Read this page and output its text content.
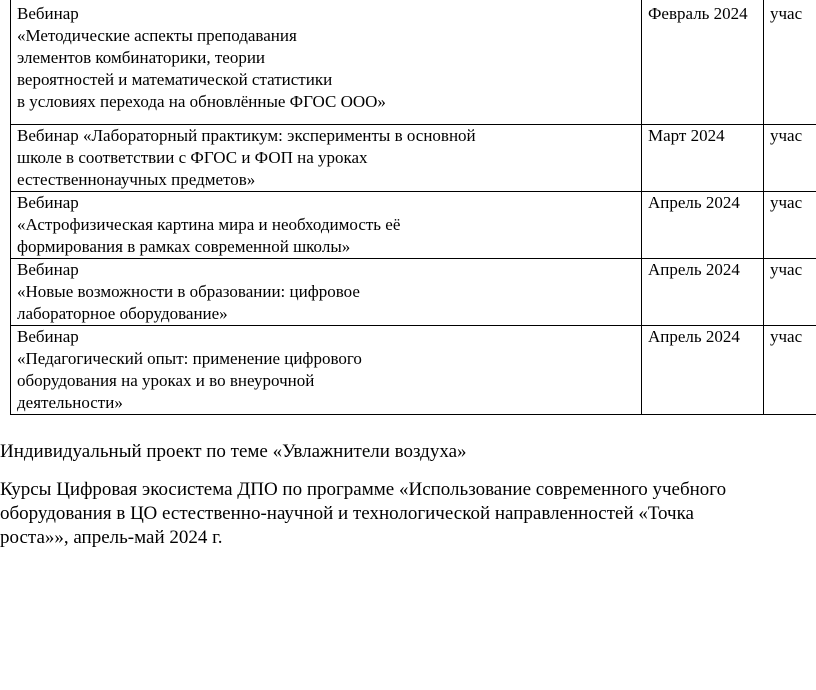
Вебинар
«Методические аспекты преподавания
элементов комбинаторики, теории
вероятностей и математической статистики
в условиях перехода на обновлённые ФГОС ООО»	Февраль 2024	учас

Вебинар «Лабораторный практикум: эксперименты в основной
школе в соответствии с ФГОС и ФОП на уроках
естественнонаучных предметов»	Март 2024	учас

Вебинар
«Астрофизическая картина мира и необходимость её
формирования в рамках современной школы»	Апрель 2024	учас

Вебинар
«Новые возможности в образовании: цифровое
лабораторное оборудование»	Апрель 2024	учас

Вебинар
«Педагогический опыт: применение цифрового
оборудования на уроках и во внеурочной
деятельности»	Апрель 2024	учас

Индивидуальный проект по теме «Увлажнители воздуха»

Курсы Цифровая экосистема ДПО по программе «Использование современного учебного
оборудования в ЦО естественно-научной и технологической направленностей «Точка
роста»», апрель-май 2024 г.
